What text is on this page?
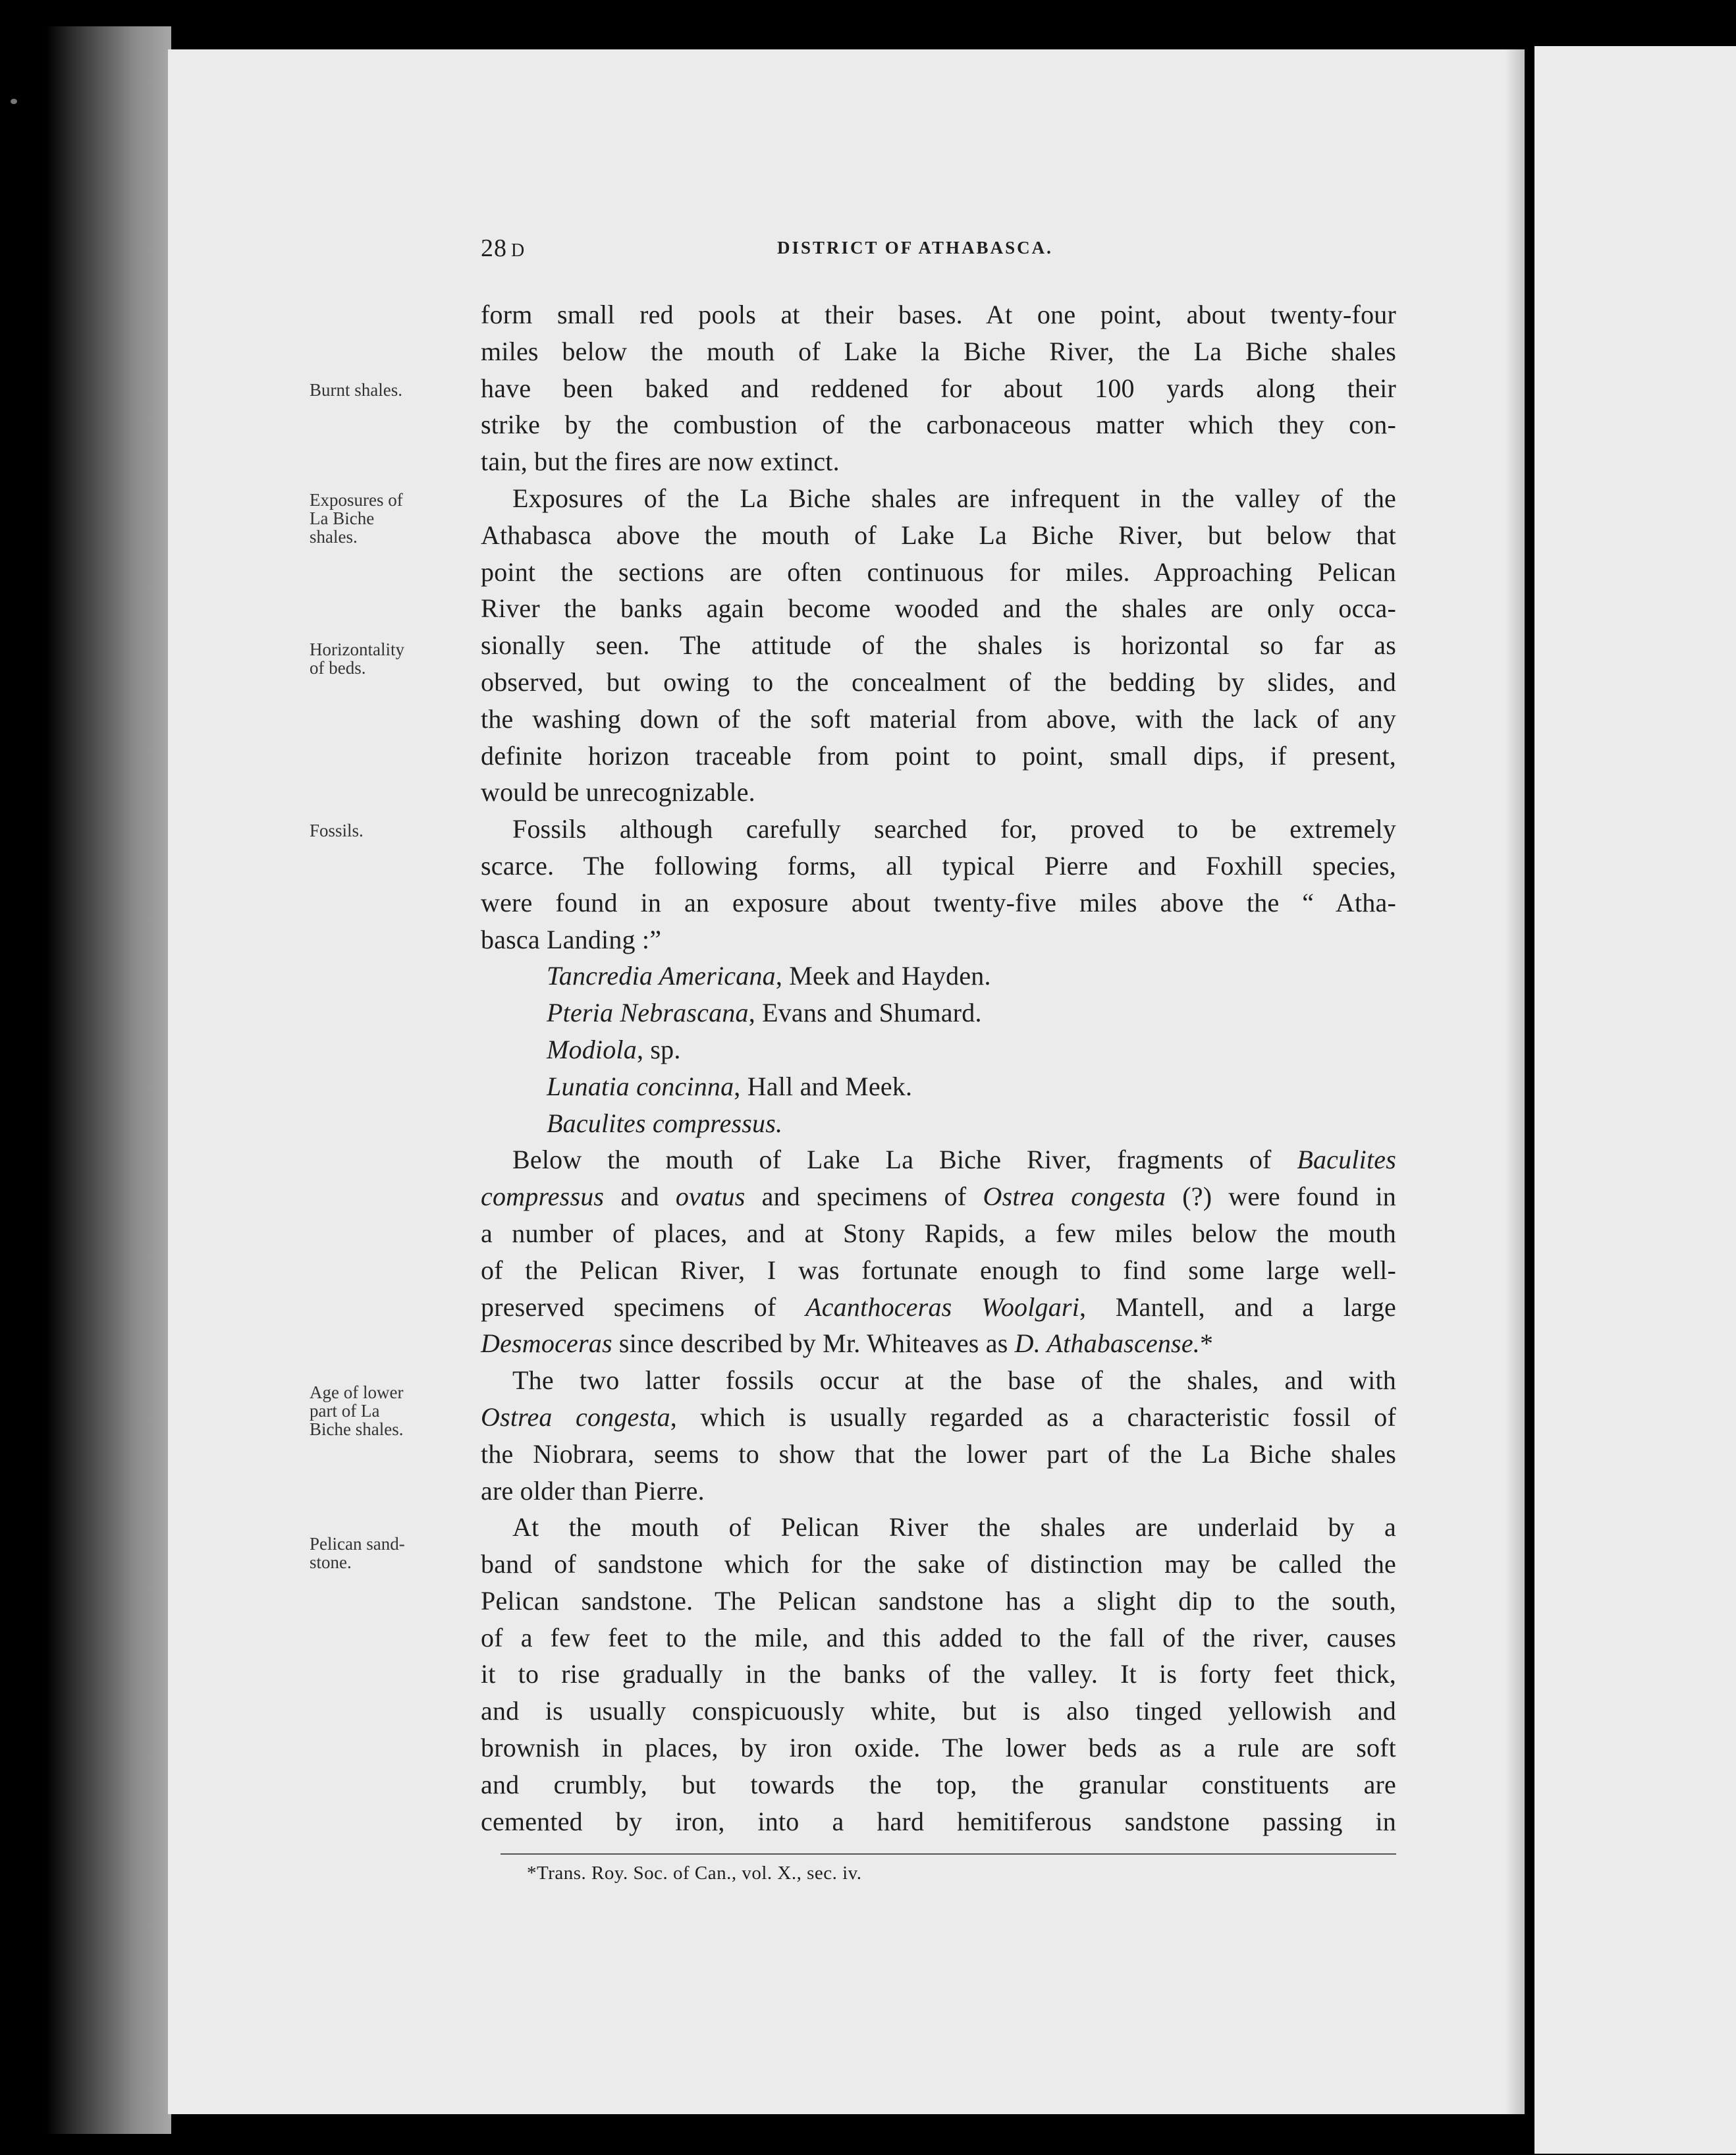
28 D	DISTRICT OF ATHABASCA.
Burnt shales.
Exposures of
La Biche
shales.
Horizontality
of beds.
Fossils.
Age of lower
part of La
Biche shales.
Pelican sand-
stone.
form small red pools at their bases. At one point, about twenty-four
miles below the mouth of Lake la Biche River, the La Biche shales
have been baked and reddened for about 100 yards along their
strike by the combustion of the carbonaceous matter which they con-
tain, but the fires are now extinct.
Exposures of the La Biche shales are infrequent in the valley of the
Athabasca above the mouth of Lake La Biche River, but below that
point the sections are often continuous for miles. Approaching Pelican
River the banks again become wooded and the shales are only occa-
sionally seen. The attitude of the shales is horizontal so far as
observed, but owing to the concealment of the bedding by slides, and
the washing down of the soft material from above, with the lack of any
definite horizon traceable from point to point, small dips, if present,
would be unrecognizable.
Fossils although carefully searched for, proved to be extremely
scarce. The following forms, all typical Pierre and Foxhill species,
were found in an exposure about twenty-five miles above the “ Atha-
basca Landing :”
Tancredia Americana, Meek and Hayden.
Pteria Nebrascana, Evans and Shumard.
Modiola, sp.
Lunatia concinna, Hall and Meek.
Baculites compressus.
Below the mouth of Lake La Biche River, fragments of Baculites
compressus and ovatus and specimens of Ostrea congesta (?) were found in
a number of places, and at Stony Rapids, a few miles below the mouth
of the Pelican River, I was fortunate enough to find some large well-
preserved specimens of Acanthoceras Woolgari, Mantell, and a large
Desmoceras since described by Mr. Whiteaves as D. Athabascense.*
The two latter fossils occur at the base of the shales, and with
Ostrea congesta, which is usually regarded as a characteristic fossil of
the Niobrara, seems to show that the lower part of the La Biche shales
are older than Pierre.
At the mouth of Pelican River the shales are underlaid by a
band of sandstone which for the sake of distinction may be called the
Pelican sandstone. The Pelican sandstone has a slight dip to the south,
of a few feet to the mile, and this added to the fall of the river, causes
it to rise gradually in the banks of the valley. It is forty feet thick,
and is usually conspicuously white, but is also tinged yellowish and
brownish in places, by iron oxide. The lower beds as a rule are soft
and crumbly, but towards the top, the granular constituents are
cemented by iron, into a hard hemitiferous sandstone passing in
*Trans. Roy. Soc. of Can., vol. X., sec. iv.
